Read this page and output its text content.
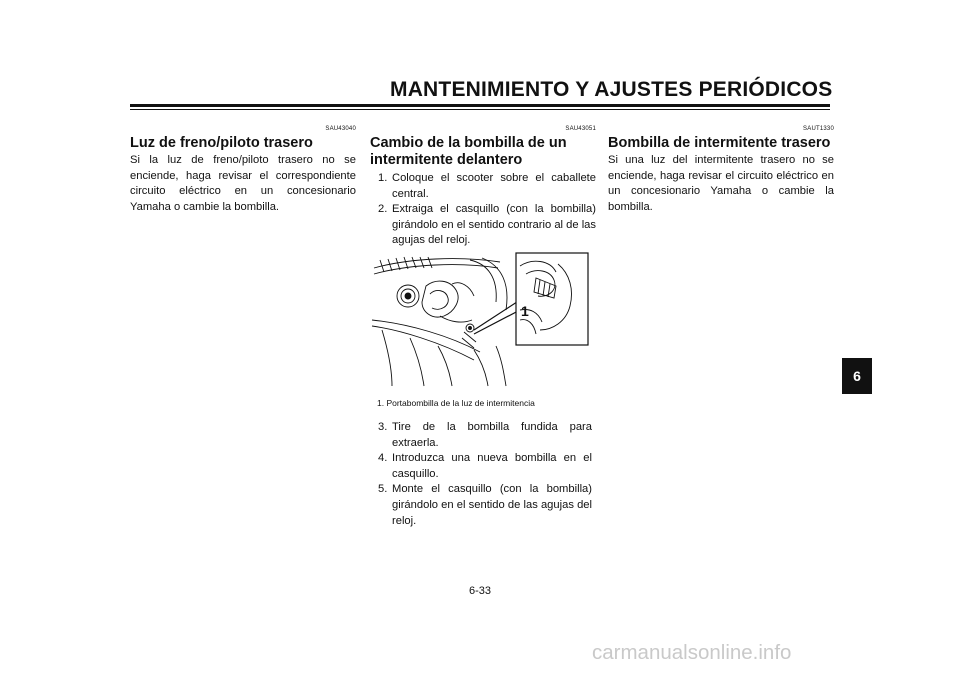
MANTENIMIENTO Y AJUSTES PERIÓDICOS
SAU43040
Luz de freno/piloto trasero
Si la luz de freno/piloto trasero no se enciende, haga revisar el correspondiente circuito eléctrico en un concesionario Yamaha o cambie la bombilla.
SAU43051
Cambio de la bombilla de un intermitente delantero
1. Coloque el scooter sobre el caballete central.
2. Extraiga el casquillo (con la bombilla) girándolo en el sentido contrario al de las agujas del reloj.
1
1. Portabombilla de la luz de intermitencia
3. Tire de la bombilla fundida para extraerla.
4. Introduzca una nueva bombilla en el casquillo.
5. Monte el casquillo (con la bombilla) girándolo en el sentido de las agujas del reloj.
SAUT1330
Bombilla de intermitente trasero
Si una luz del intermitente trasero no se enciende, haga revisar el circuito eléctrico en un concesionario Yamaha o cambie la bombilla.
6-33
6
carmanualsonline.info
